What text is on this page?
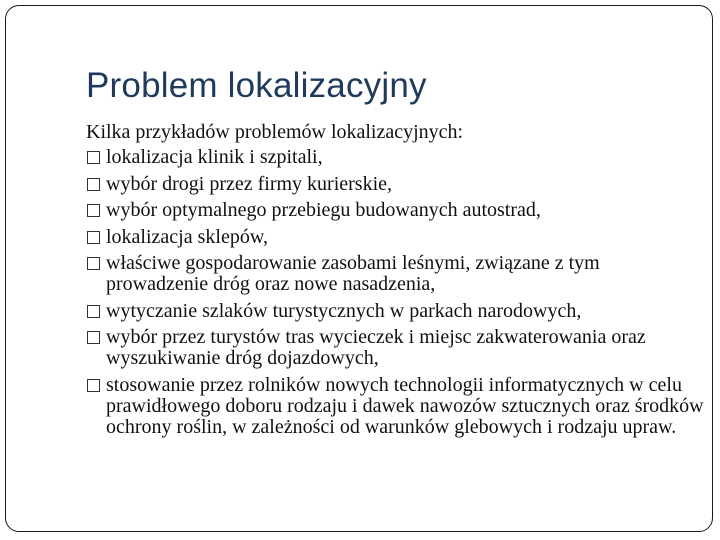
Problem lokalizacyjny

Kilka przykładów problemów lokalizacyjnych:

lokalizacja klinik i szpitali,
wybór drogi przez firmy kurierskie,
wybór optymalnego przebiegu budowanych autostrad,
lokalizacja sklepów,
właściwe gospodarowanie zasobami leśnymi, związane z tym prowadzenie dróg oraz nowe nasadzenia,
wytyczanie szlaków turystycznych w parkach narodowych,
wybór przez turystów tras wycieczek i miejsc zakwaterowania oraz wyszukiwanie dróg dojazdowych,
stosowanie przez rolników nowych technologii informatycznych w celu prawidłowego doboru rodzaju i dawek nawozów sztucznych oraz środków ochrony roślin, w zależności od warunków glebowych i rodzaju upraw.
